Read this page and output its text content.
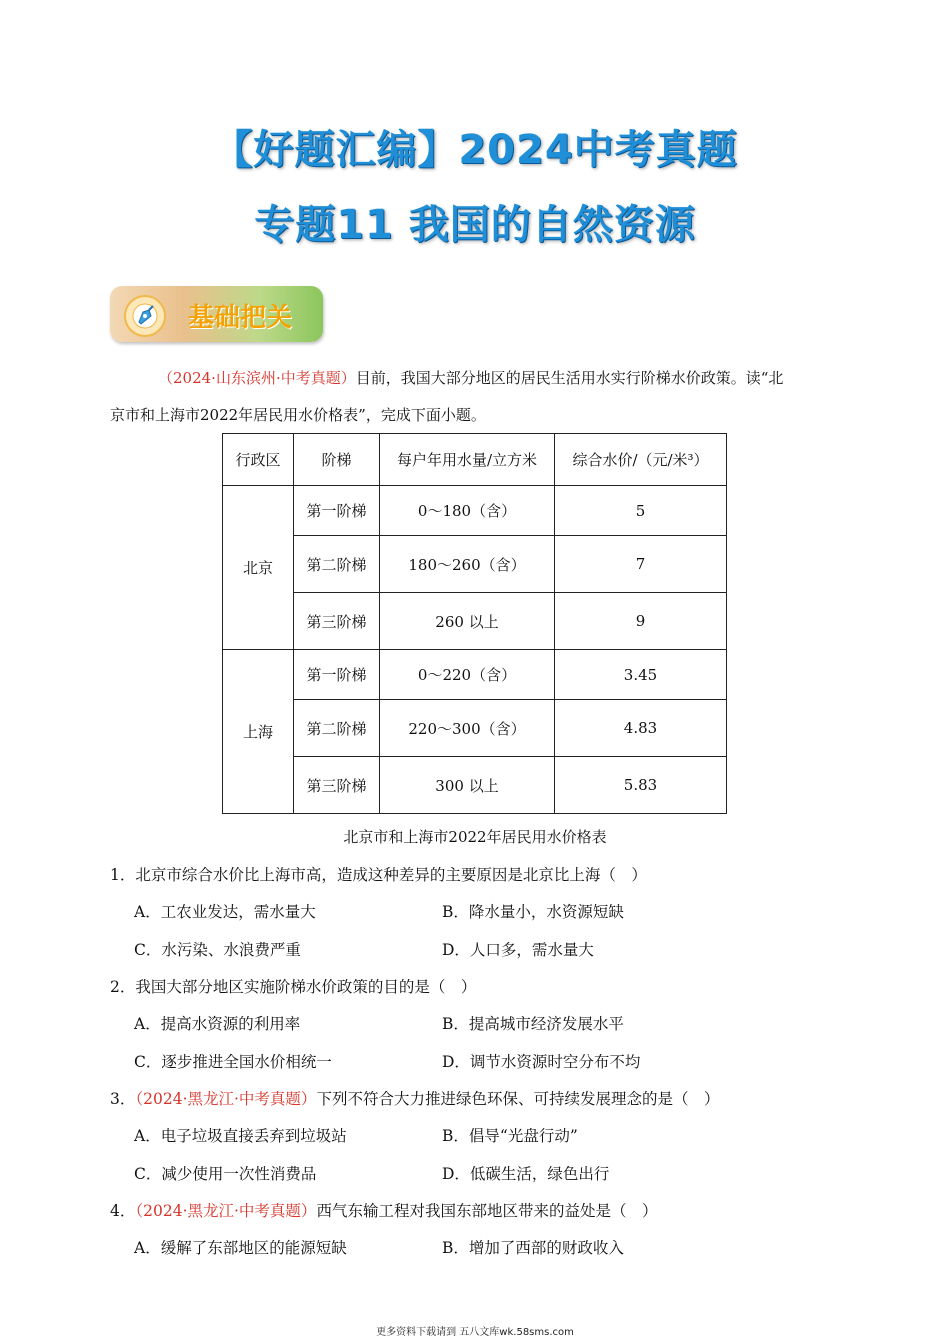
【好题汇编】2024中考真题
专题11 我国的自然资源
基础把关
（2024·山东滨州·中考真题）目前，我国大部分地区的居民生活用水实行阶梯水价政策。读“北
京市和上海市2022年居民用水价格表”，完成下面小题。
行政区	阶梯	每户年用水量/立方米	综合水价/（元/米³）
北京	第一阶梯	0～180（含）	5
	第二阶梯	180～260（含）	7
	第三阶梯	260 以上	9
上海	第一阶梯	0～220（含）	3.45
	第二阶梯	220～300（含）	4.83
	第三阶梯	300 以上	5.83
北京市和上海市2022年居民用水价格表
1．北京市综合水价比上海市高，造成这种差异的主要原因是北京比上海（　）
A．工农业发达，需水量大	B．降水量小，水资源短缺
C．水污染、水浪费严重	D．人口多，需水量大
2．我国大部分地区实施阶梯水价政策的目的是（　）
A．提高水资源的利用率	B．提高城市经济发展水平
C．逐步推进全国水价相统一	D．调节水资源时空分布不均
3．（2024·黑龙江·中考真题）下列不符合大力推进绿色环保、可持续发展理念的是（　）
A．电子垃圾直接丢弃到垃圾站	B．倡导“光盘行动”
C．减少使用一次性消费品	D．低碳生活，绿色出行
4．（2024·黑龙江·中考真题）西气东输工程对我国东部地区带来的益处是（　）
A．缓解了东部地区的能源短缺	B．增加了西部的财政收入
更多资料下载请到 五八文库wk.58sms.com
